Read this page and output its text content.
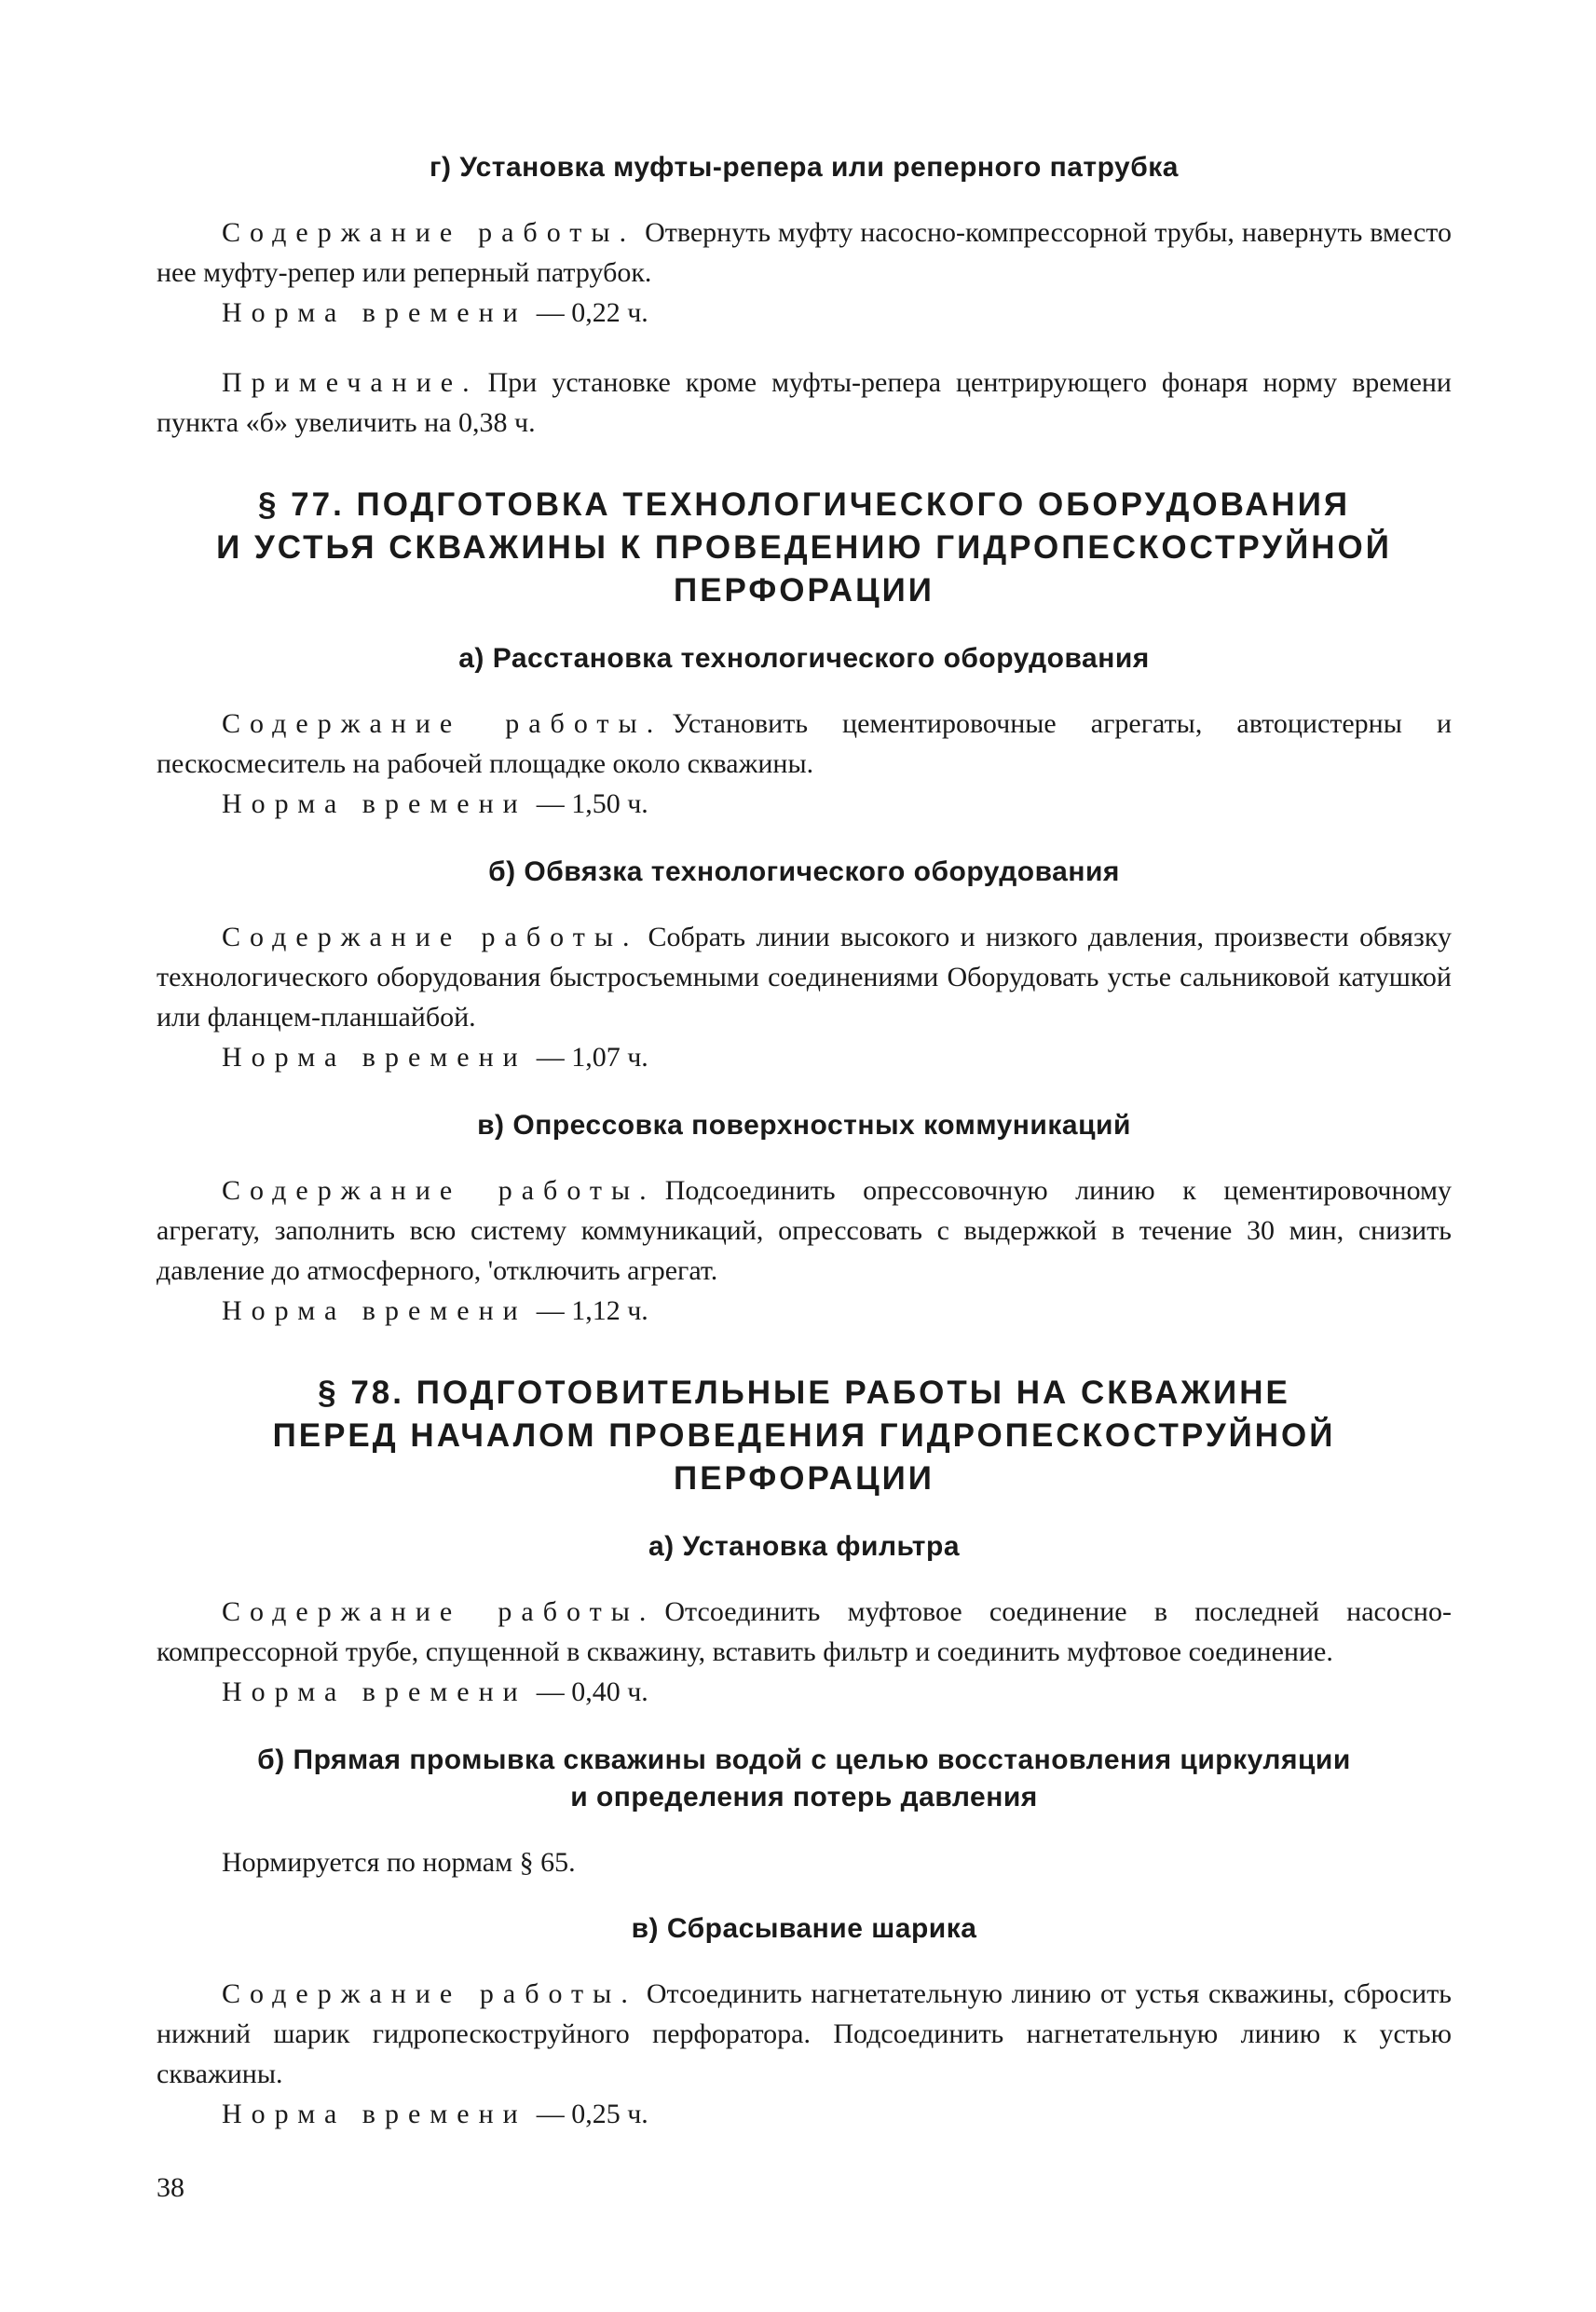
г) Установка муфты-репера или реперного патрубка

Содержание работы. Отвернуть муфту насосно-компрессорной трубы, навернуть вместо нее муфту-репер или реперный патрубок.

Норма времени — 0,22 ч.

Примечание. При установке кроме муфты-репера центрирующего фонаря норму времени пункта «б» увеличить на 0,38 ч.

§ 77. ПОДГОТОВКА ТЕХНОЛОГИЧЕСКОГО ОБОРУДОВАНИЯ
И УСТЬЯ СКВАЖИНЫ К ПРОВЕДЕНИЮ ГИДРОПЕСКОСТРУЙНОЙ
ПЕРФОРАЦИИ
а) Расстановка технологического оборудования

Содержание работы. Установить цементировочные агрегаты, автоцистерны и пескосмеситель на рабочей площадке около скважины.

Норма времени — 1,50 ч.

б) Обвязка технологического оборудования

Содержание работы. Собрать линии высокого и низкого давления, произвести обвязку технологического оборудования быстросъемными соединениями Оборудовать устье сальниковой катушкой или фланцем-планшайбой.

Норма времени — 1,07 ч.

в) Опрессовка поверхностных коммуникаций

Содержание работы. Подсоединить опрессовочную линию к цементировочному агрегату, заполнить всю систему коммуникаций, опрессовать с выдержкой в течение 30 мин, снизить давление до атмосферного, 'отключить агрегат.

Норма времени — 1,12 ч.

§ 78. ПОДГОТОВИТЕЛЬНЫЕ РАБОТЫ НА СКВАЖИНЕ
ПЕРЕД НАЧАЛОМ ПРОВЕДЕНИЯ ГИДРОПЕСКОСТРУЙНОЙ
ПЕРФОРАЦИИ
а) Установка фильтра

Содержание работы. Отсоединить муфтовое соединение в последней насосно-компрессорной трубе, спущенной в скважину, вставить фильтр и соединить муфтовое соединение.

Норма времени — 0,40 ч.

б) Прямая промывка скважины водой с целью восстановления циркуляции
и определения потерь давления

Нормируется по нормам § 65.

в) Сбрасывание шарика

Содержание работы. Отсоединить нагнетательную линию от устья скважины, сбросить нижний шарик гидропескоструйного перфоратора. Подсоединить нагнетательную линию к устью скважины.

Норма времени — 0,25 ч.

38
